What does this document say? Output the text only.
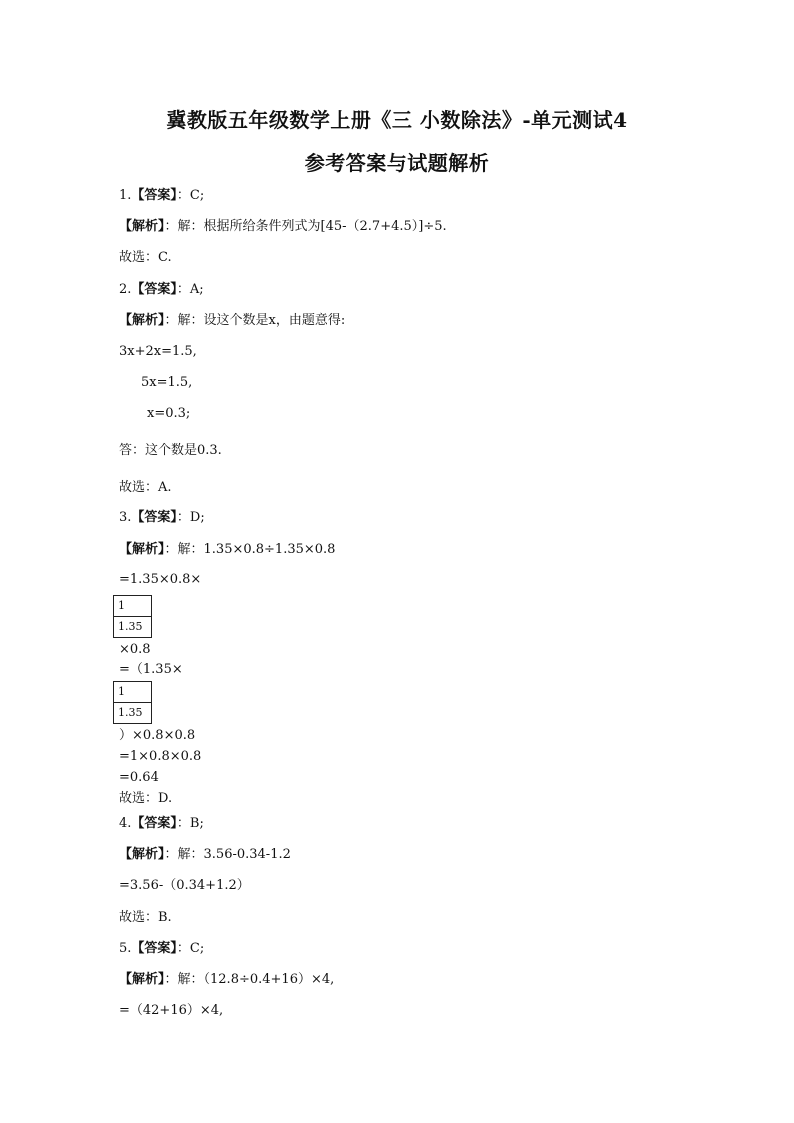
冀教版五年级数学上册《三 小数除法》-单元测试4
参考答案与试题解析
1.【答案】：C;
【解析】：解：根据所给条件列式为[45-（2.7+4.5）]÷5.
故选：C.
2.【答案】：A;
【解析】：解：设这个数是x，由题意得:
3x+2x=1.5,
5x=1.5,
x=0.3;
答：这个数是0.3.
故选：A.
3.【答案】：D;
【解析】：解：1.35×0.8÷1.35×0.8
=1.35×0.8×
$\frac{1}{1.35}$
×0.8
=（1.35×
$\frac{1}{1.35}$
）×0.8×0.8
=1×0.8×0.8
=0.64
故选：D.
4.【答案】：B;
【解析】：解：3.56-0.34-1.2
=3.56-（0.34+1.2）
故选：B.
5.【答案】：C;
【解析】：解：（12.8÷0.4+16）×4,
=（42+16）×4,
